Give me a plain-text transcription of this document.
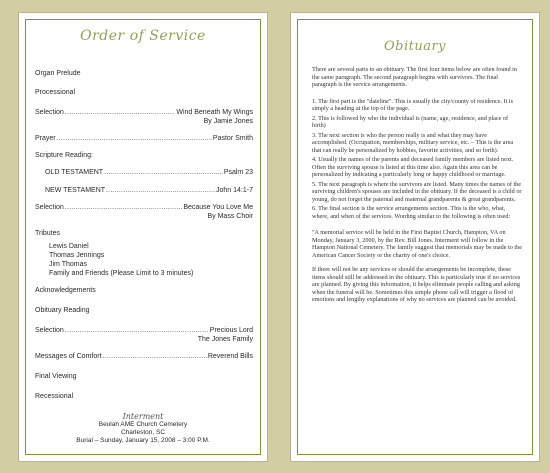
Order of Service
Organ Prelude
Processional
Selection .....	Wind Beneath My Wings
By Jamie Jones
Prayer .....	Pastor Smith
Scripture Reading:
OLD TESTAMENT .....	Psalm 23
NEW TESTAMENT .....	John 14:1-7
Selection .....	Because You Love Me
By Mass Choir
Tributes
Lewis Daniel
Thomas Jennings
Jim Thomas
Family and Friends (Please Limit to 3 minutes)
Acknowledgements
Obituary Reading
Selection .....	Precious Lord
The Jones Family
Messages of Comfort .....	Reverend Bills
Final Viewing
Recessional
Interment
Beulah AME Church Cemetery
Charleston, SC
Burial – Sunday, January 15, 2008 – 3:00 P.M.
Obituary

There are several parts to an obituary. The first four items below are often found in the same paragraph. The second paragraph begins with survivors. The final paragraph is the service arrangements.

1. The first part is the "dateline". This is usually the city/county of residence. It is simply a heading at the top of the page.

2. This is followed by who the individual is (name, age, residence, and place of birth)

3. The next section is who the person really is and what they may have accomplished. (Occupation, memberships, military service, etc. – This is the area that can really be personalized by hobbies, favorite activities, and so forth).

4. Usually the names of the parents and deceased family members are listed next. Often the surviving spouse is listed at this time also. Again this area can be personalized by indicating a particularly long or happy childhood or marriage.

5. The next paragraph is where the survivors are listed. Many times the names of the surviving children's spouses are included in the obituary. If the deceased is a child or young, do not forget the paternal and maternal grandparents & great grandparents.

6. The final section is the service arrangements section. This is the who, what, where, and when of the services. Wording similar to the following is often used:

"A memorial service will be held in the First Baptist Church, Hampton, VA on Monday, January 3, 2000, by the Rev. Bill Jones. Interment will follow in the Hampton National Cemetery. The family suggest that memorials may be made to the American Cancer Society or the charity of one's choice.

If there will not be any services or should the arrangements be incomplete, these items should still be addressed in the obituary. This is particularly true if no services are planned. By giving this information, it helps eliminate people calling and asking when the funeral will be. Sometimes this simple phone call will trigger a flood of emotions and lengthy explanations of why no services are planned can be avoided.
